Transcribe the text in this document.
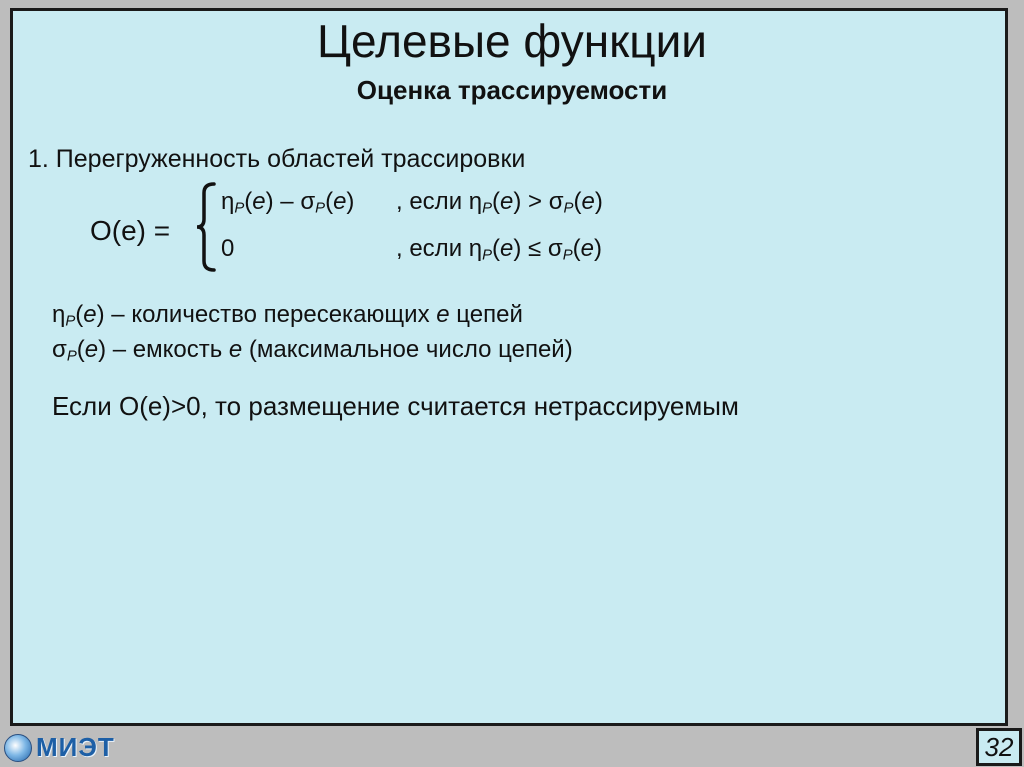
Целевые функции
Оценка трассируемости
1. Перегруженность областей трассировки
O(e) =
$\eta_P(e) - \sigma_P(e)$ , если $\eta_P(e) > \sigma_P(e)$
0	, если $\eta_P(e) \le \sigma_P(e)$
$\eta_P(e)$ – количество пересекающих e цепей
$\sigma_P(e)$ – емкость e (максимальное число цепей)
Если O(e)>0, то размещение считается нетрассируемым
МИЭТ	32
